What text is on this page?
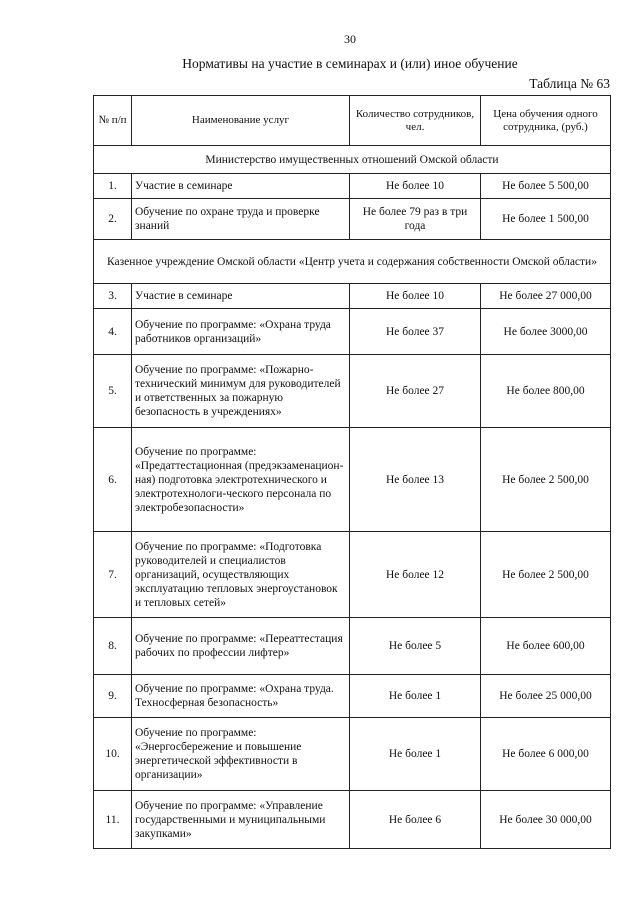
30
Нормативы на участие в семинарах и (или) иное обучение
Таблица № 63
№ п/п	Наименование услуг	Количество сотрудников, чел.	Цена обучения одного сотрудника, (руб.)
Министерство имущественных отношений Омской области			
1.	Участие в семинаре	Не более 10	Не более 5 500,00
2.	Обучение по охране труда и проверке знаний	Не более 79 раз в три года	Не более 1 500,00
Казенное учреждение Омской области «Центр учета и содержания собственности Омской области»			
3.	Участие в семинаре	Не более 10	Не более 27 000,00
4.	Обучение по программе: «Охрана труда работников организаций»	Не более 37	Не более 3000,00
5.	Обучение по программе: «Пожарно-технический минимум для руководителей и ответственных за пожарную безопасность в учреждениях»	Не более 27	Не более 800,00
6.	Обучение по программе: «Предаттестационная (предэкзаменацион-ная) подготовка электротехнического и электротехнологи-ческого персонала по электробезопасности»	Не более 13	Не более 2 500,00
7.	Обучение по программе: «Подготовка руководителей и специалистов организаций, осуществляющих эксплуатацию тепловых энергоустановок и тепловых сетей»	Не более 12	Не более 2 500,00
8.	Обучение по программе: «Переаттестация рабочих по профессии лифтер»	Не более 5	Не более 600,00
9.	Обучение по программе: «Охрана труда. Техносферная безопасность»	Не более 1	Не более 25 000,00
10.	Обучение по программе: «Энергосбережение и повышение энергетической эффективности в организации»	Не более 1	Не более 6 000,00
11.	Обучение по программе: «Управление государственными и муниципальными закупками»	Не более 6	Не более 30 000,00
